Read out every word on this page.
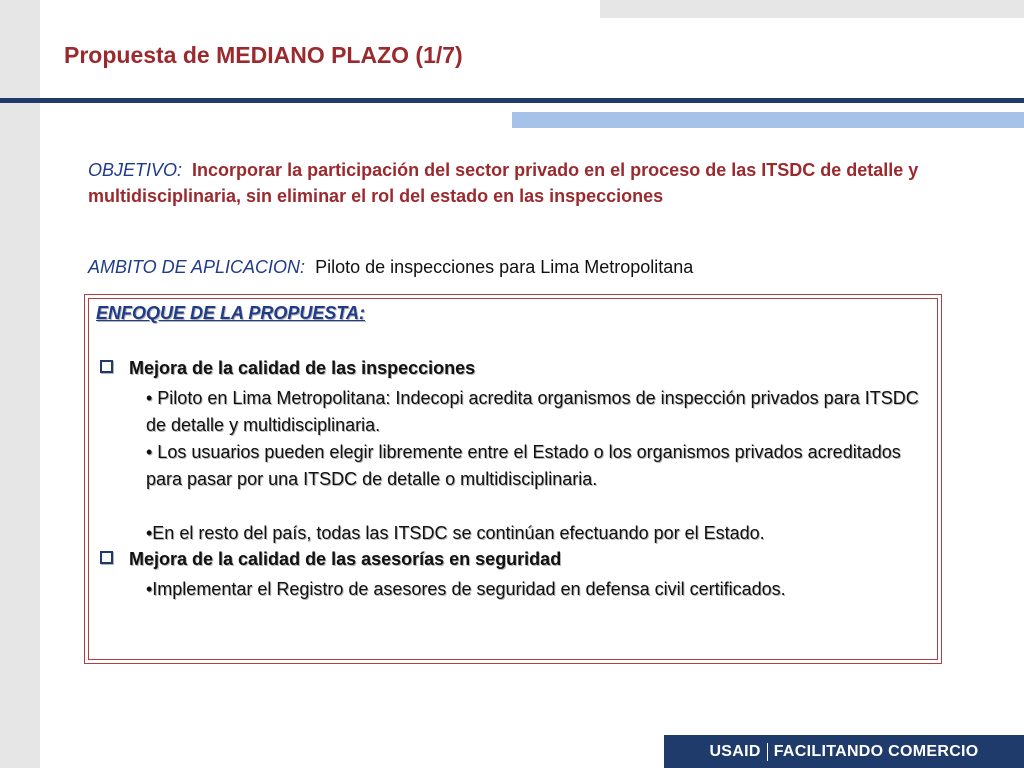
Propuesta de MEDIANO PLAZO (1/7)
OBJETIVO: Incorporar la participación del sector privado en el proceso de las ITSDC de detalle y multidisciplinaria, sin eliminar el rol del estado en las inspecciones
AMBITO DE APLICACION: Piloto de inspecciones para Lima Metropolitana
ENFOQUE DE LA PROPUESTA:
Mejora de la calidad de las inspecciones
• Piloto en Lima Metropolitana: Indecopi acredita organismos de inspección privados para ITSDC de detalle y multidisciplinaria.
• Los usuarios pueden elegir libremente entre el Estado o los organismos privados acreditados para pasar por una ITSDC de detalle o multidisciplinaria.
•En el resto del país, todas las ITSDC se continúan efectuando por el Estado.
Mejora de la calidad de las asesorías en seguridad
•Implementar el Registro de asesores de seguridad en defensa civil certificados.
USAID FACILITANDO COMERCIO
